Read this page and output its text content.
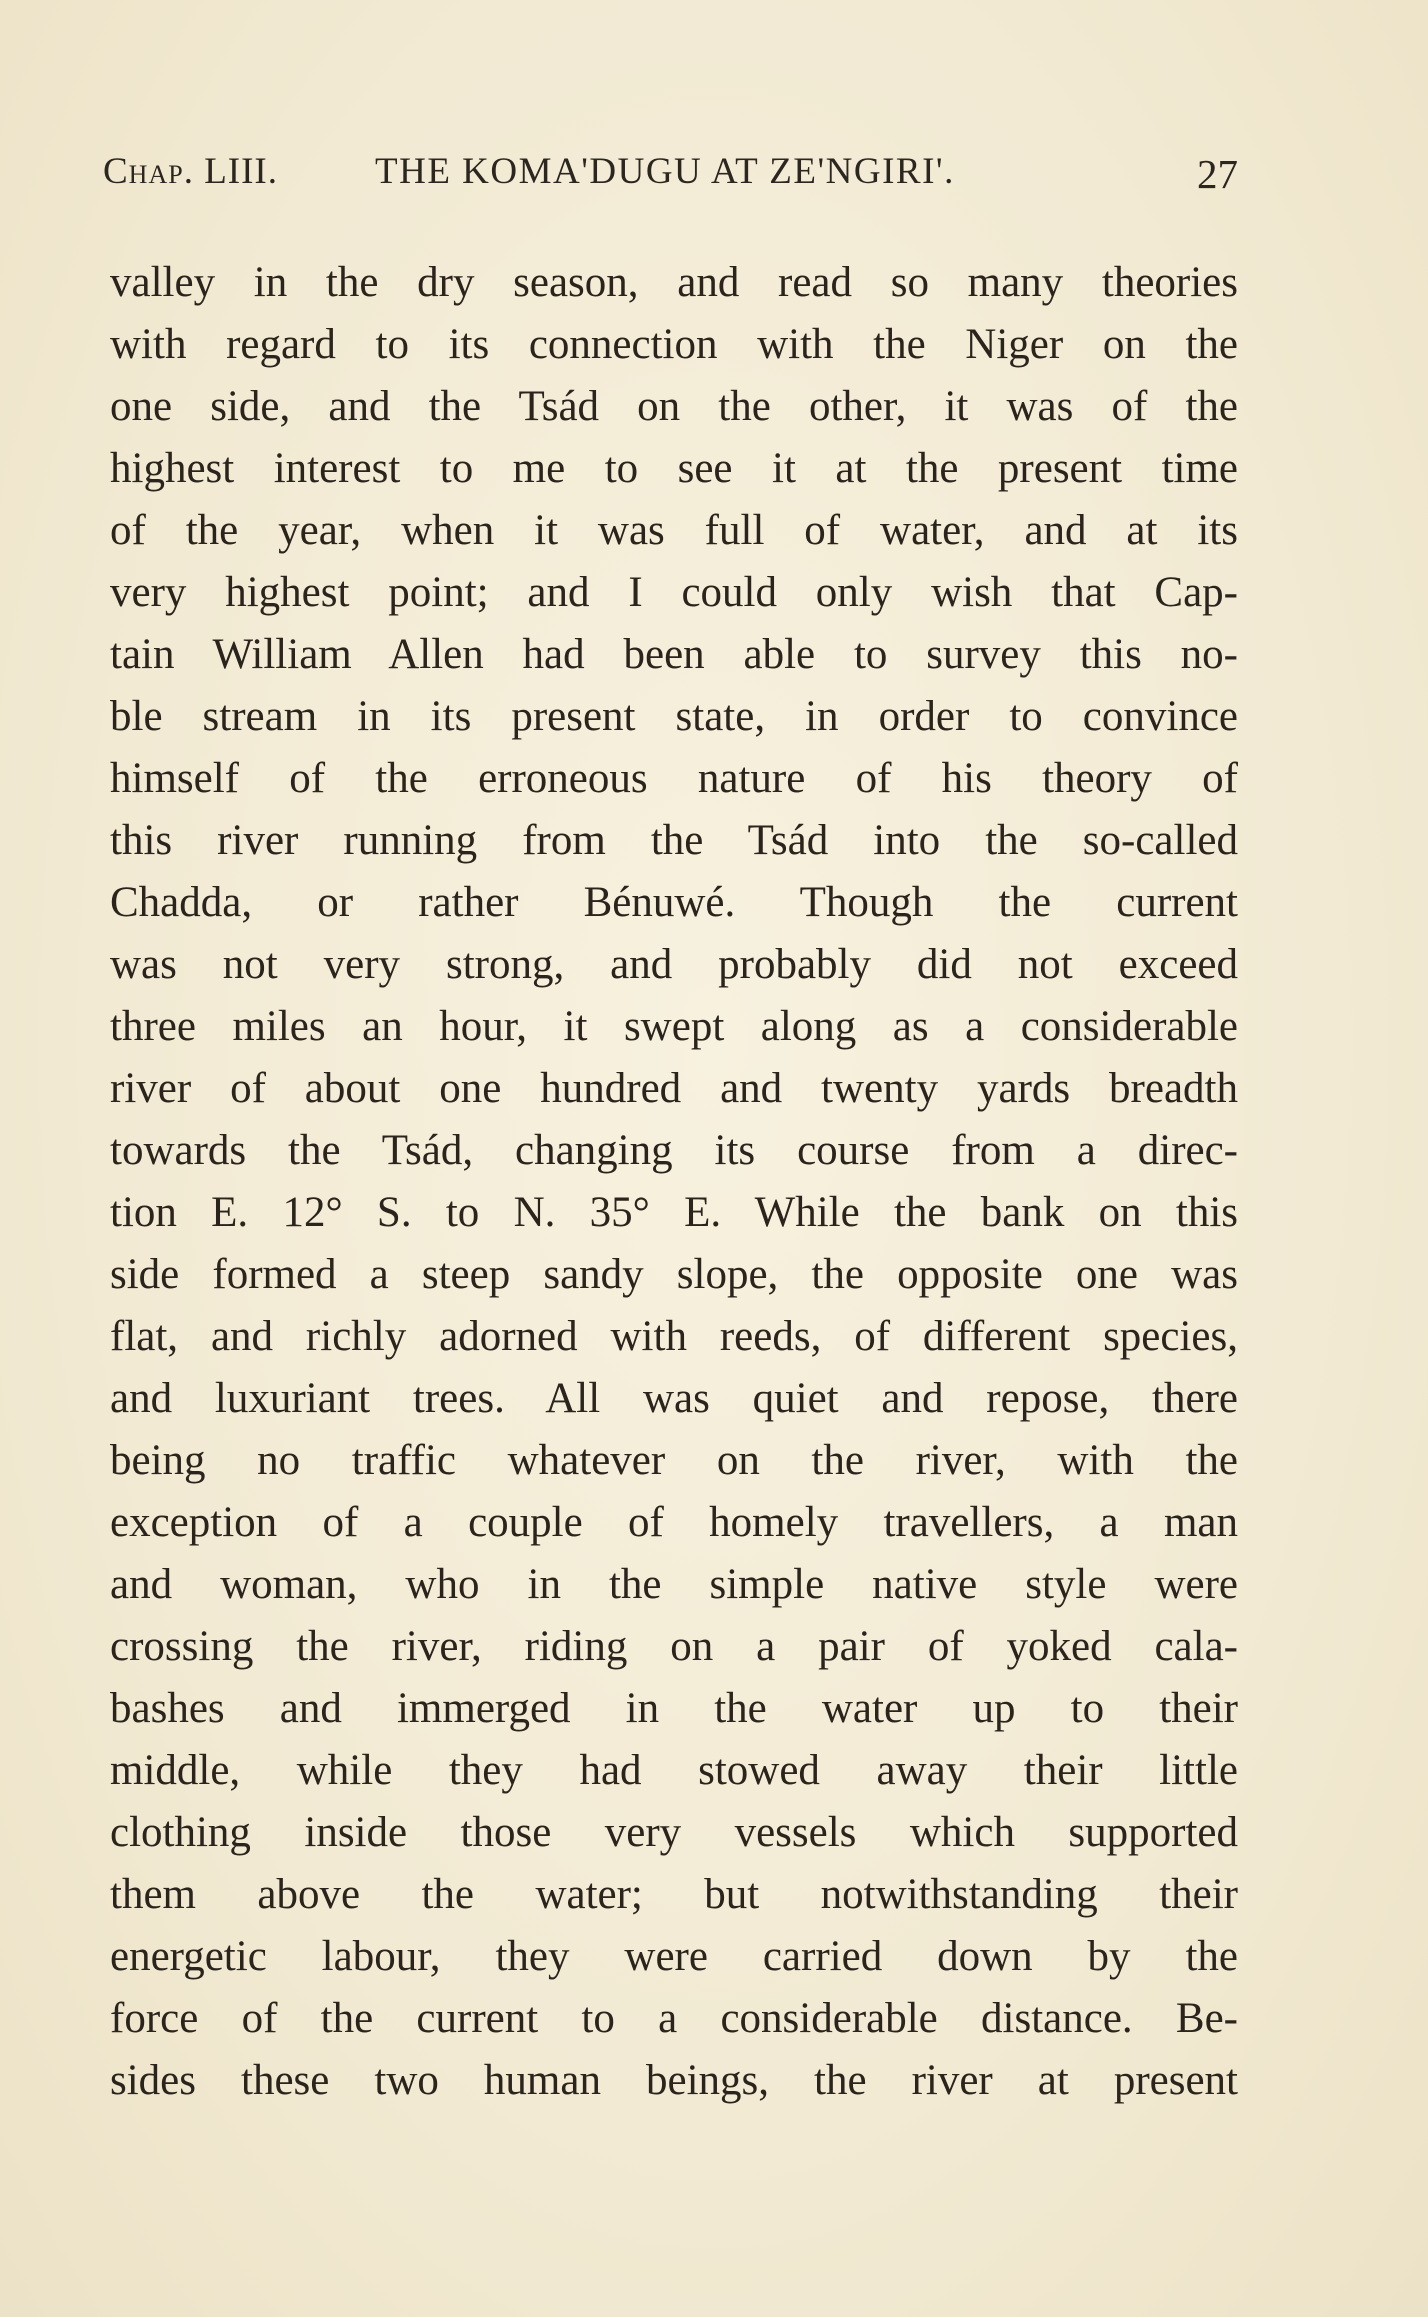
Chap. LIII.	THE KOMA'DUGU AT ZE'NGIRI'.	27
valley in the dry season, and read so many theories
with regard to its connection with the Niger on the
one side, and the Tsád on the other, it was of the
highest interest to me to see it at the present time
of the year, when it was full of water, and at its
very highest point; and I could only wish that Cap-
tain William Allen had been able to survey this no-
ble stream in its present state, in order to convince
himself of the erroneous nature of his theory of
this river running from the Tsád into the so-called
Chadda, or rather Bénuwé. Though the current
was not very strong, and probably did not exceed
three miles an hour, it swept along as a considerable
river of about one hundred and twenty yards breadth
towards the Tsád, changing its course from a direc-
tion E. 12° S. to N. 35° E. While the bank on this
side formed a steep sandy slope, the opposite one was
flat, and richly adorned with reeds, of different species,
and luxuriant trees. All was quiet and repose, there
being no traffic whatever on the river, with the
exception of a couple of homely travellers, a man
and woman, who in the simple native style were
crossing the river, riding on a pair of yoked cala-
bashes and immerged in the water up to their
middle, while they had stowed away their little
clothing inside those very vessels which supported
them above the water; but notwithstanding their
energetic labour, they were carried down by the
force of the current to a considerable distance. Be-
sides these two human beings, the river at present
